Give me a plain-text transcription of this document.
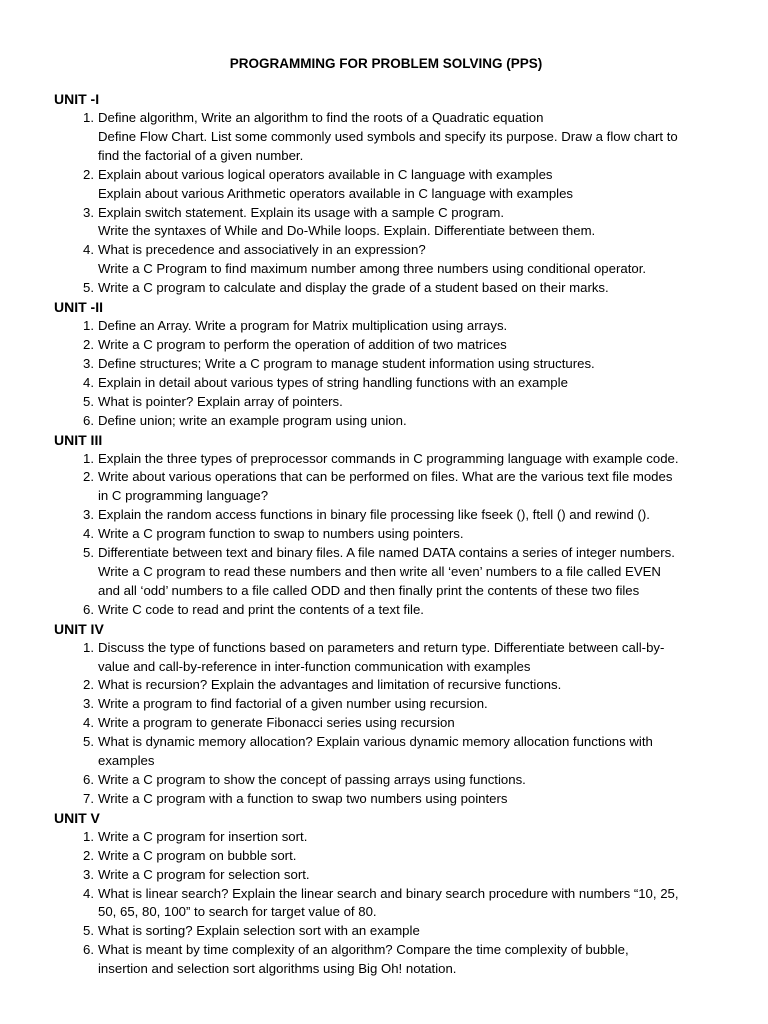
PROGRAMMING FOR PROBLEM SOLVING (PPS)
UNIT -I
1. Define algorithm, Write an algorithm to find the roots of a Quadratic equation
Define Flow Chart. List some commonly used symbols and specify its purpose. Draw a flow chart to
find the factorial of a given number.
2. Explain about various logical operators available in C language with examples
Explain about various Arithmetic operators available in C language with examples
3. Explain switch statement. Explain its usage with a sample C program.
Write the syntaxes of While and Do-While loops. Explain. Differentiate between them.
4. What is precedence and associatively in an expression?
Write a C Program to find maximum number among three numbers using conditional operator.
5. Write a C program to calculate and display the grade of a student based on their marks.
UNIT -II
1. Define an Array. Write a program for Matrix multiplication using arrays.
2. Write a C program to perform the operation of addition of two matrices
3. Define structures; Write a C program to manage student information using structures.
4. Explain in detail about various types of string handling functions with an example
5. What is pointer? Explain array of pointers.
6. Define union; write an example program using union.
UNIT III
1. Explain the three types of preprocessor commands in C programming language with example code.
2. Write about various operations that can be performed on files. What are the various text file modes
in C programming language?
3. Explain the random access functions in binary file processing like fseek (), ftell () and rewind ().
4. Write a C program function to swap to numbers using pointers.
5. Differentiate between text and binary files. A file named DATA contains a series of integer numbers.
Write a C program to read these numbers and then write all ‘even’ numbers to a file called EVEN
and all ‘odd’ numbers to a file called ODD and then finally print the contents of these two files
6. Write C code to read and print the contents of a text file.
UNIT IV
1. Discuss the type of functions based on parameters and return type. Differentiate between call-by-
value and call-by-reference in inter-function communication with examples
2. What is recursion? Explain the advantages and limitation of recursive functions.
3. Write a program to find factorial of a given number using recursion.
4. Write a program to generate Fibonacci series using recursion
5. What is dynamic memory allocation? Explain various dynamic memory allocation functions with
examples
6. Write a C program to show the concept of passing arrays using functions.
7. Write a C program with a function to swap two numbers using pointers
UNIT V
1. Write a C program for insertion sort.
2. Write a C program on bubble sort.
3. Write a C program for selection sort.
4. What is linear search? Explain the linear search and binary search procedure with numbers “10, 25,
50, 65, 80, 100” to search for target value of 80.
5. What is sorting? Explain selection sort with an example
6. What is meant by time complexity of an algorithm? Compare the time complexity of bubble,
insertion and selection sort algorithms using Big Oh! notation.
